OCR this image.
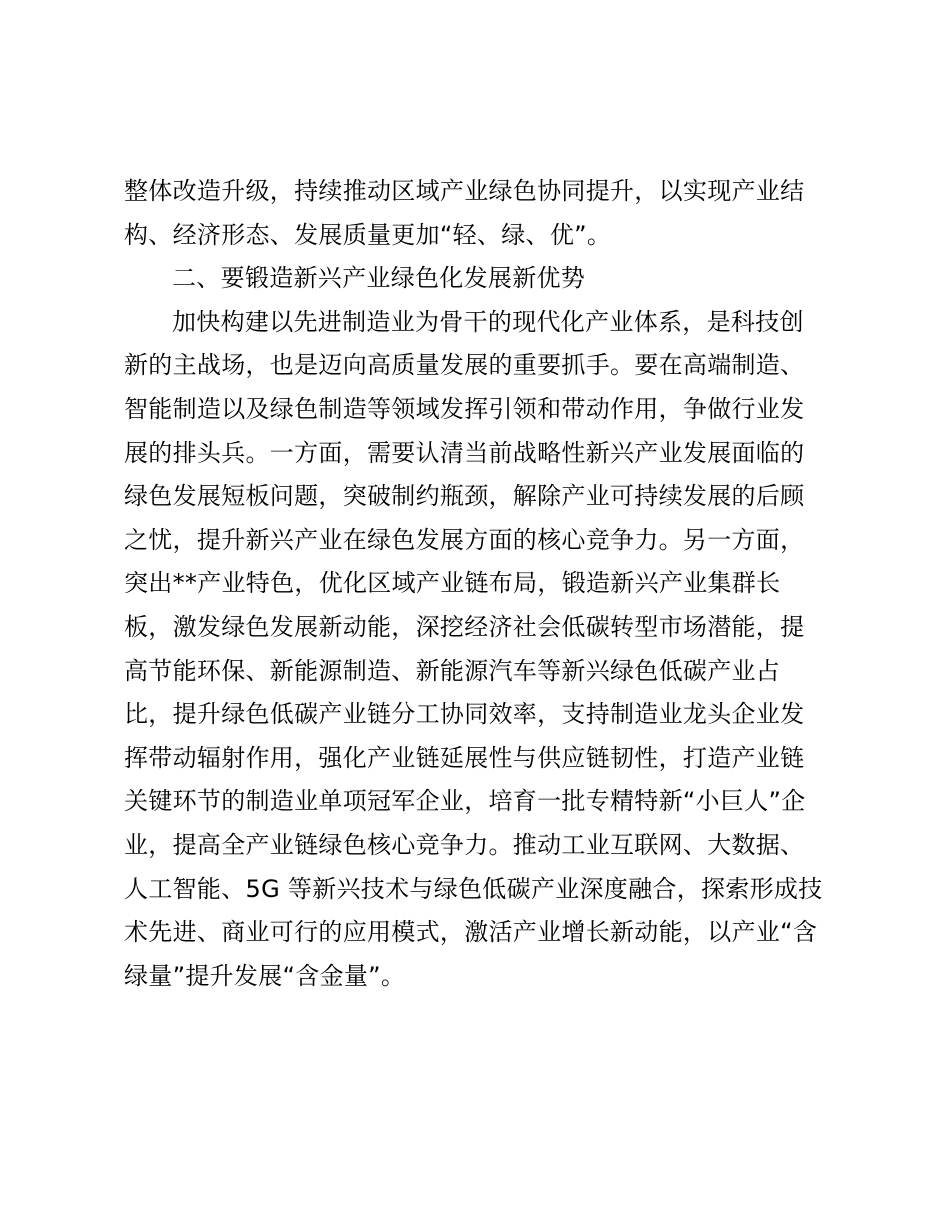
整体改造升级，持续推动区域产业绿色协同提升，以实现产业结
构、经济形态、发展质量更加“轻、绿、优”。
二、要锻造新兴产业绿色化发展新优势
加快构建以先进制造业为骨干的现代化产业体系，是科技创
新的主战场，也是迈向高质量发展的重要抓手。要在高端制造、
智能制造以及绿色制造等领域发挥引领和带动作用，争做行业发
展的排头兵。一方面，需要认清当前战略性新兴产业发展面临的
绿色发展短板问题，突破制约瓶颈，解除产业可持续发展的后顾
之忧，提升新兴产业在绿色发展方面的核心竞争力。另一方面，
突出**产业特色，优化区域产业链布局，锻造新兴产业集群长
板，激发绿色发展新动能，深挖经济社会低碳转型市场潜能，提
高节能环保、新能源制造、新能源汽车等新兴绿色低碳产业占
比，提升绿色低碳产业链分工协同效率，支持制造业龙头企业发
挥带动辐射作用，强化产业链延展性与供应链韧性，打造产业链
关键环节的制造业单项冠军企业，培育一批专精特新“小巨人”企
业，提高全产业链绿色核心竞争力。推动工业互联网、大数据、
人工智能、5G 等新兴技术与绿色低碳产业深度融合，探索形成技
术先进、商业可行的应用模式，激活产业增长新动能，以产业“含
绿量”提升发展“含金量”。
